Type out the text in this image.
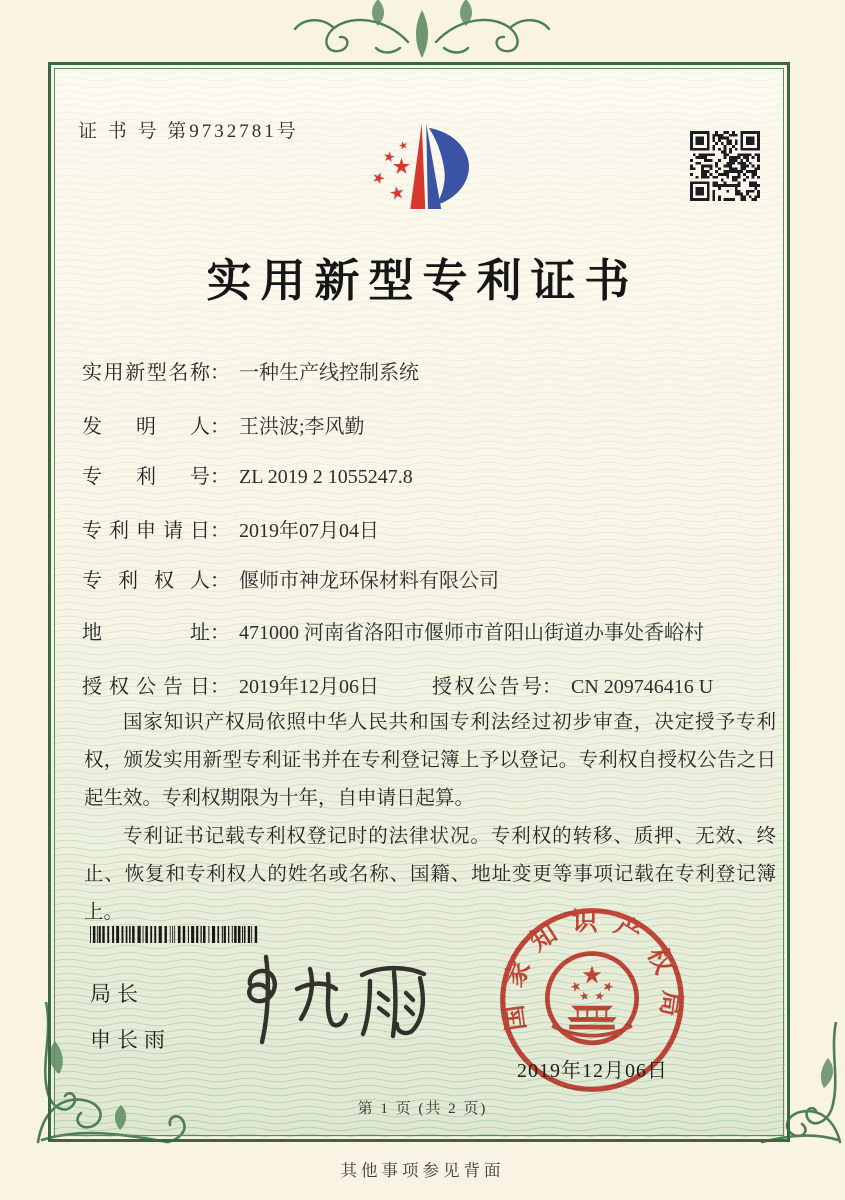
证 书 号 第9732781号
实用新型专利证书
实用新型名称： 一种生产线控制系统
发明人： 王洪波;李风勤
专利号： ZL 2019 2 1055247.8
专利申请日： 2019年07月04日
专利权人： 偃师市神龙环保材料有限公司
地址： 471000 河南省洛阳市偃师市首阳山街道办事处香峪村
授权公告日： 2019年12月06日	授权公告号： CN 209746416 U

国家知识产权局依照中华人民共和国专利法经过初步审查，决定授予专利权，颁发实用新型专利证书并在专利登记簿上予以登记。专利权自授权公告之日起生效。专利权期限为十年，自申请日起算。

专利证书记载专利权登记时的法律状况。专利权的转移、质押、无效、终止、恢复和专利权人的姓名或名称、国籍、地址变更等事项记载在专利登记簿上。

局长
申长雨
国家知识产权局
2019年12月06日
第 1 页 (共 2 页)
其他事项参见背面
